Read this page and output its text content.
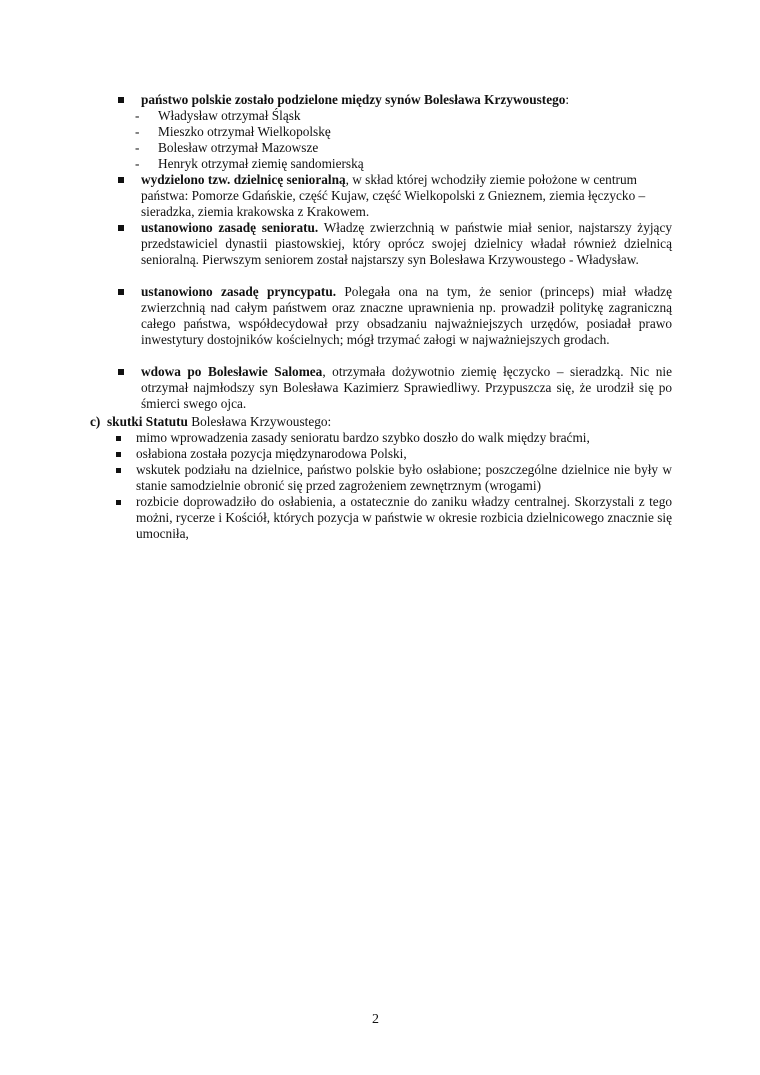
państwo polskie zostało podzielone między synów Bolesława Krzywoustego:
- Władysław otrzymał Śląsk
- Mieszko otrzymał Wielkopolskę
- Bolesław otrzymał Mazowsze
- Henryk otrzymał ziemię sandomierską
wydzielono tzw. dzielnicę senioralną, w skład której wchodziły ziemie położone w centrum państwa: Pomorze Gdańskie, część Kujaw, część Wielkopolski z Gnieznem, ziemia łęczycko – sieradzka, ziemia krakowska z Krakowem.
ustanowiono zasadę senioratu. Władzę zwierzchnią w państwie miał senior, najstarszy żyjący przedstawiciel dynastii piastowskiej, który oprócz swojej dzielnicy władał również dzielnicą senioralną. Pierwszym seniorem został najstarszy syn Bolesława Krzywoustego - Władysław.
ustanowiono zasadę pryncypatu. Polegała ona na tym, że senior (princeps) miał władzę zwierzchnią nad całym państwem oraz znaczne uprawnienia np. prowadził politykę zagraniczną całego państwa, współdecydował przy obsadzaniu najważniejszych urzędów, posiadał prawo inwestytury dostojników kościelnych; mógł trzymać załogi w najważniejszych grodach.
wdowa po Bolesławie Salomea, otrzymała dożywotnio ziemię łęczycko – sieradzką. Nic nie otrzymał najmłodszy syn Bolesława Kazimierz Sprawiedliwy. Przypuszcza się, że urodził się po śmierci swego ojca.
c) skutki Statutu Bolesława Krzywoustego:
mimo wprowadzenia zasady senioratu bardzo szybko doszło do walk między braćmi,
osłabiona została pozycja międzynarodowa Polski,
wskutek podziału na dzielnice, państwo polskie było osłabione; poszczególne dzielnice nie były w stanie samodzielnie obronić się przed zagrożeniem zewnętrznym (wrogami)
rozbicie doprowadziło do osłabienia, a ostatecznie do zaniku władzy centralnej. Skorzystali z tego możni, rycerze i Kościół, których pozycja w państwie w okresie rozbicia dzielnicowego znacznie się umocniła,
2
